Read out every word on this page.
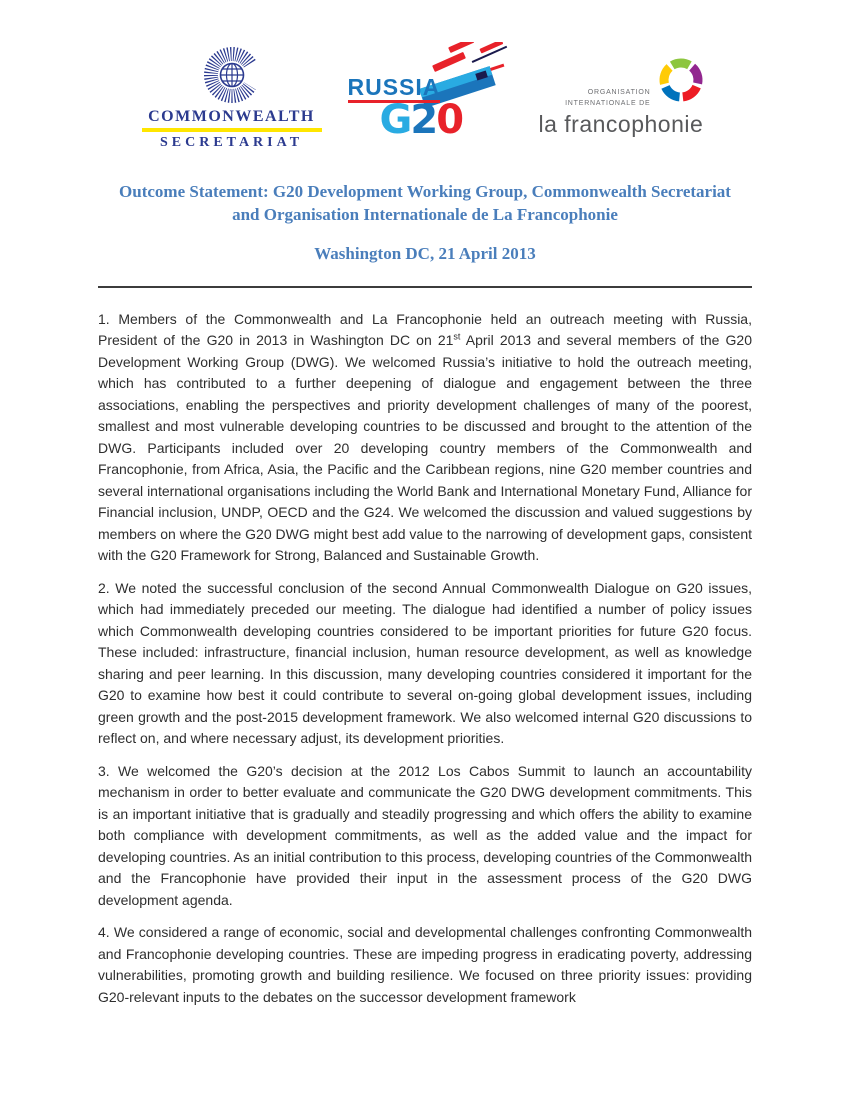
COMMONWEALTH
SECRETARIAT
RUSSIA
G20
ORGANISATION
INTERNATIONALE DE
la francophonie
Outcome Statement: G20 Development Working Group, Commonwealth Secretariat and Organisation Internationale de La Francophonie
Washington DC, 21 April 2013

1. Members of the Commonwealth and La Francophonie held an outreach meeting with Russia, President of the G20 in 2013 in Washington DC on 21st April 2013 and several members of the G20 Development Working Group (DWG). We welcomed Russia’s initiative to hold the outreach meeting, which has contributed to a further deepening of dialogue and engagement between the three associations, enabling the perspectives and priority development challenges of many of the poorest, smallest and most vulnerable developing countries to be discussed and brought to the attention of the DWG. Participants included over 20 developing country members of the Commonwealth and Francophonie, from Africa, Asia, the Pacific and the Caribbean regions, nine G20 member countries and several international organisations including the World Bank and International Monetary Fund, Alliance for Financial inclusion, UNDP, OECD and the G24. We welcomed the discussion and valued suggestions by members on where the G20 DWG might best add value to the narrowing of development gaps, consistent with the G20 Framework for Strong, Balanced and Sustainable Growth.

2. We noted the successful conclusion of the second Annual Commonwealth Dialogue on G20 issues, which had immediately preceded our meeting. The dialogue had identified a number of policy issues which Commonwealth developing countries considered to be important priorities for future G20 focus. These included: infrastructure, financial inclusion, human resource development, as well as knowledge sharing and peer learning. In this discussion, many developing countries considered it important for the G20 to examine how best it could contribute to several on-going global development issues, including green growth and the post-2015 development framework. We also welcomed internal G20 discussions to reflect on, and where necessary adjust, its development priorities.

3. We welcomed the G20’s decision at the 2012 Los Cabos Summit to launch an accountability mechanism in order to better evaluate and communicate the G20 DWG development commitments. This is an important initiative that is gradually and steadily progressing and which offers the ability to examine both compliance with development commitments, as well as the added value and the impact for developing countries. As an initial contribution to this process, developing countries of the Commonwealth and the Francophonie have provided their input in the assessment process of the G20 DWG development agenda.

4. We considered a range of economic, social and developmental challenges confronting Commonwealth and Francophonie developing countries. These are impeding progress in eradicating poverty, addressing vulnerabilities, promoting growth and building resilience. We focused on three priority issues: providing G20-relevant inputs to the debates on the successor development framework
